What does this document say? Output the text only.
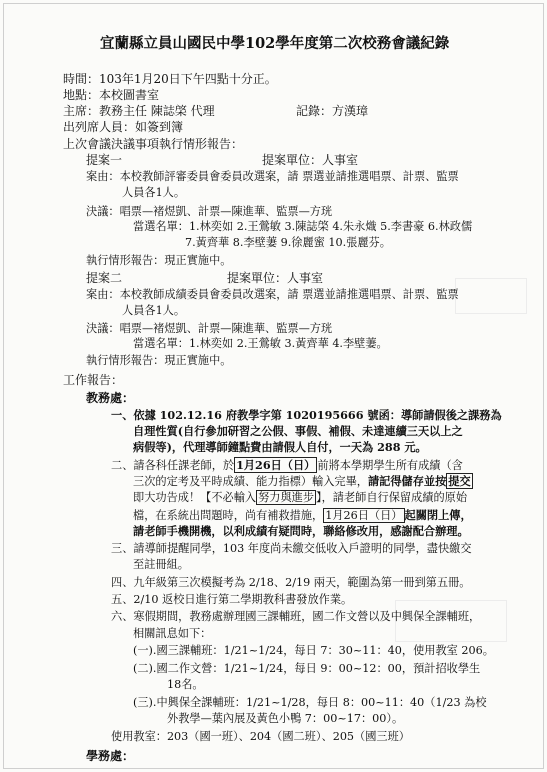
宜蘭縣立員山國民中學102學年度第二次校務會議紀錄
時間：103年1月20日下午四點十分正。
地點：本校圖書室
主席：教務主任 陳誌棨 代理	記錄：方漢璋
出列席人員：如簽到簿
上次會議決議事項執行情形報告：
提案一	提案單位：人事室
案由：本校教師評審委員會委員改選案，請 票選並請推選唱票、計票、監票
人員各1人。
決議：唱票—褚煜凱、計票—陳進華、監票—方珖
當選名單：1.林奕如 2.王鶯敏 3.陳誌棨 4.朱永熾 5.李書豪 6.林政儒
7.黃齊華 8.李壁萋 9.徐麗蜜 10.張麗芬。
執行情形報告：現正實施中。
提案二	提案單位：人事室
案由：本校教師成績委員會委員改選案，請 票選並請推選唱票、計票、監票
人員各1人。
決議：唱票—褚煜凱、計票—陳進華、監票—方珖
當選名單：1.林奕如 2.王鶯敏 3.黃齊華 4.李壁萋。
執行情形報告：現正實施中。
工作報告：
教務處：
一、依據 102.12.16 府教學字第 1020195666 號函：導師請假後之課務為
自理性質(自行參加研習之公假、事假、補假、未達連續三天以上之
病假等)，代理導師鐘點費由請假人自付，一天為 288 元。
二、請各科任課老師，於 1月26日（日） 前將本學期學生所有成績（含
三次的定考及平時成績、能力指標）輸入完畢，請記得儲存並按 提交
即大功告成！【不必輸入 努力與進步 】，請老師自行保留成績的原始
檔，在系統出問題時，尚有補救措施， 1月26日（日） 起關閉上傳，
請老師手機開機，以利成績有疑問時，聯絡修改用，感謝配合辦理。
三、請導師提醒同學，103 年度尚未繳交低收入戶證明的同學，盡快繳交
至註冊組。
四、九年級第三次模擬考為 2/18、2/19 兩天，範圍為第一冊到第五冊。
五、2/10 返校日進行第二學期教科書發放作業。
六、寒假期間，教務處辦理國三課輔班，國二作文營以及中興保全課輔班，
相關訊息如下：
(一).國三課輔班：1/21~1/24，每日 7：30~11：40，使用教室 206。
(二).國二作文營：1/21~1/24，每日 9：00~12：00，預計招收學生
18名。
(三).中興保全課輔班：1/21~1/28，每日 8：00~11：40（1/23 為校
外教學—葉內展及黃色小鴨 7：00~17：00）。
使用教室：203（國一班）、204（國二班）、205（國三班）
學務處：
